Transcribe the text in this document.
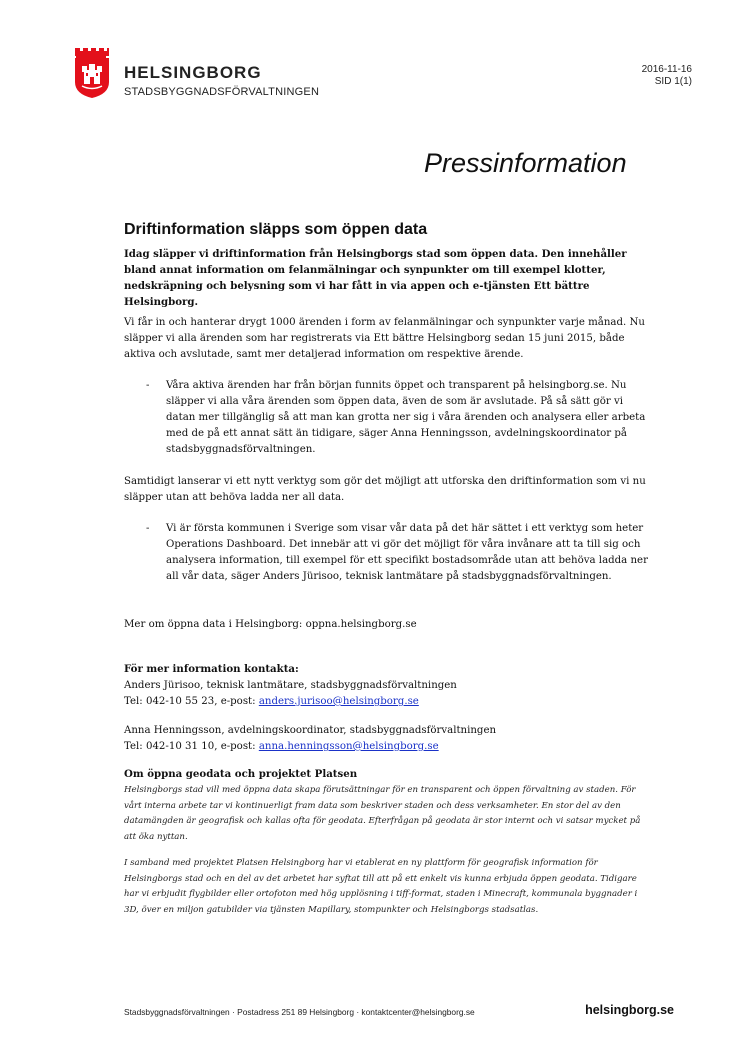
HELSINGBORG
STADSBYGGNADSFÖRVALTNINGEN
2016-11-16
SID 1(1)
Pressinformation
Driftinformation släpps som öppen data

Idag släpper vi driftinformation från Helsingborgs stad som öppen data. Den innehåller bland annat information om felanmälningar och synpunkter om till exempel klotter, nedskräpning och belysning som vi har fått in via appen och e-tjänsten Ett bättre Helsingborg.

Vi får in och hanterar drygt 1000 ärenden i form av felanmälningar och synpunkter varje månad. Nu släpper vi alla ärenden som har registrerats via Ett bättre Helsingborg sedan 15 juni 2015, både aktiva och avslutade, samt mer detaljerad information om respektive ärende.

-	Våra aktiva ärenden har från början funnits öppet och transparent på helsingborg.se. Nu släpper vi alla våra ärenden som öppen data, även de som är avslutade. På så sätt gör vi datan mer tillgänglig så att man kan grotta ner sig i våra ärenden och analysera eller arbeta med de på ett annat sätt än tidigare, säger Anna Henningsson, avdelningskoordinator på stadsbyggnadsförvaltningen.

Samtidigt lanserar vi ett nytt verktyg som gör det möjligt att utforska den driftinformation som vi nu släpper utan att behöva ladda ner all data.

-	Vi är första kommunen i Sverige som visar vår data på det här sättet i ett verktyg som heter Operations Dashboard. Det innebär att vi gör det möjligt för våra invånare att ta till sig och analysera information, till exempel för ett specifikt bostadsområde utan att behöva ladda ner all vår data, säger Anders Jürisoo, teknisk lantmätare på stadsbyggnadsförvaltningen.
Mer om öppna data i Helsingborg: oppna.helsingborg.se
För mer information kontakta:
Anders Jürisoo, teknisk lantmätare, stadsbyggnadsförvaltningen
Tel: 042-10 55 23, e-post: anders.jurisoo@helsingborg.se
Anna Henningsson, avdelningskoordinator, stadsbyggnadsförvaltningen
Tel: 042-10 31 10, e-post: anna.henningsson@helsingborg.se
Om öppna geodata och projektet Platsen
Helsingborgs stad vill med öppna data skapa förutsättningar för en transparent och öppen förvaltning av staden. För vårt interna arbete tar vi kontinuerligt fram data som beskriver staden och dess verksamheter. En stor del av den datamängden är geografisk och kallas ofta för geodata. Efterfrågan på geodata är stor internt och vi satsar mycket på att öka nyttan.
I samband med projektet Platsen Helsingborg har vi etablerat en ny plattform för geografisk information för Helsingborgs stad och en del av det arbetet har syftat till att på ett enkelt vis kunna erbjuda öppen geodata. Tidigare har vi erbjudit flygbilder eller ortofoton med hög upplösning i tiff-format, staden i Minecraft, kommunala byggnader i 3D, över en miljon gatubilder via tjänsten Mapillary, stompunkter och Helsingborgs stadsatlas.
Stadsbyggnadsförvaltningen · Postadress 251 89 Helsingborg · kontaktcenter@helsingborg.se	helsingborg.se
